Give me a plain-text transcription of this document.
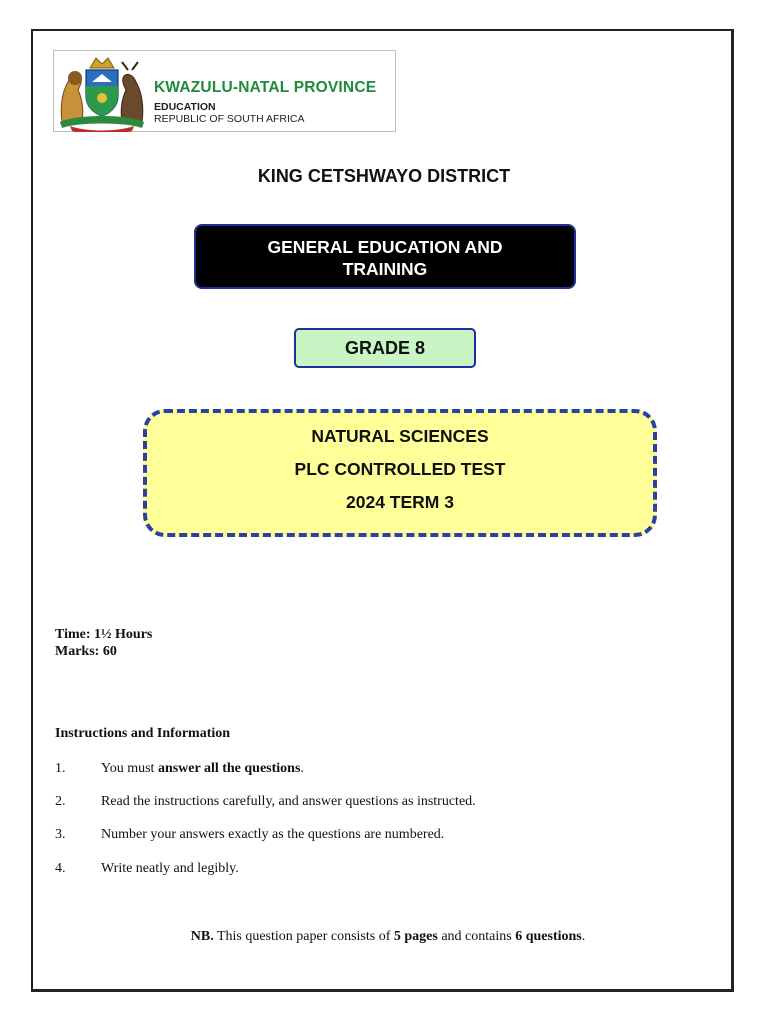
KWAZULU-NATAL PROVINCE
EDUCATION
REPUBLIC OF SOUTH AFRICA
KING CETSHWAYO DISTRICT
GENERAL EDUCATION AND
TRAINING
GRADE 8
NATURAL SCIENCES
PLC CONTROLLED TEST
2024 TERM 3
Time: 1½ Hours
Marks: 60
Instructions and Information
1.	You must answer all the questions.
2.	Read the instructions carefully, and answer questions as instructed.
3.	Number your answers exactly as the questions are numbered.
4.	Write neatly and legibly.
NB. This question paper consists of 5 pages and contains 6 questions.
